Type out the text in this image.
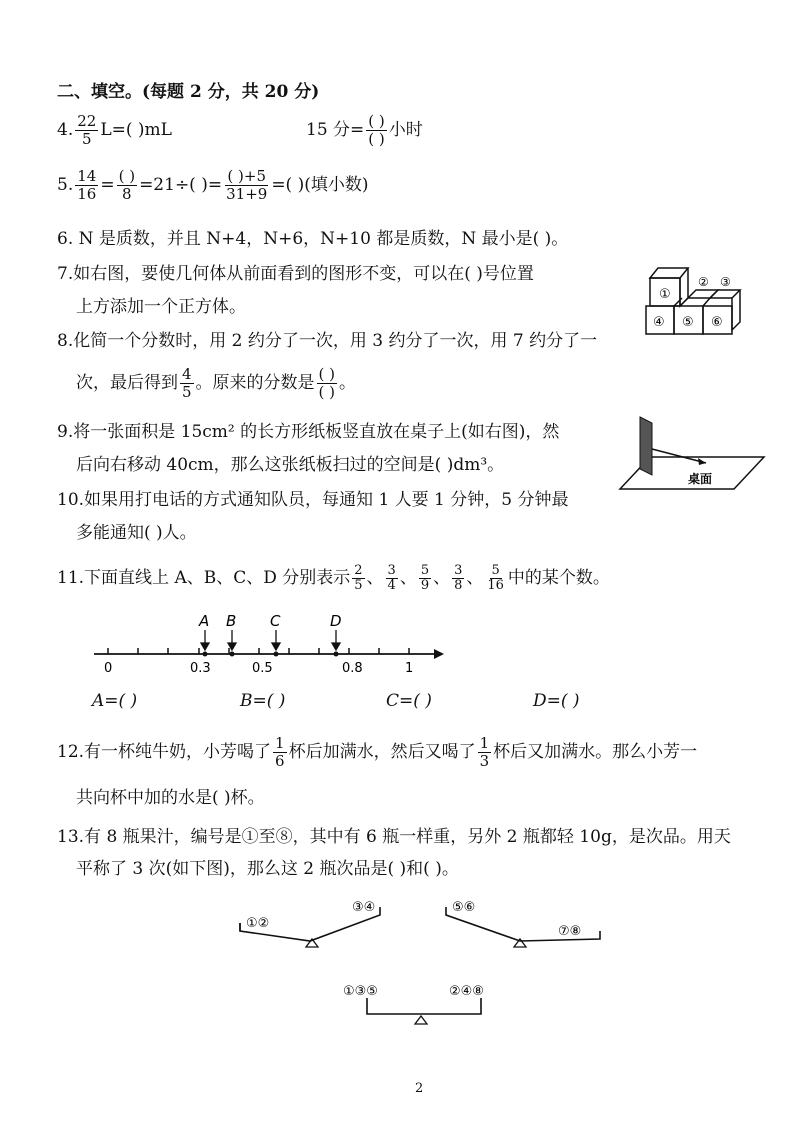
二、填空。(每题 2 分，共 20 分)
4. $\frac{22}{5} L=$( )mL	15 分= $\frac{( )}{( )}$ 小时
5. $\frac{14}{16} = \frac{( )}{8} =21\div$( )= $\frac{( )+5}{31+9}$ =( )(填小数)
6. N 是质数，并且 N+4，N+6，N+10 都是质数，N 最小是( )。
7.如右图，要使几何体从前面看到的图形不变，可以在( )号位置
上方添加一个正方体。
①
② ③
④ ⑤ ⑥
8.化简一个分数时，用 2 约分了一次，用 3 约分了一次，用 7 约分了一
次，最后得到 $\frac{4}{5}$ 。原来的分数是 $\frac{( )}{( )}$ 。
9.将一张面积是 15cm² 的长方形纸板竖直放在桌子上(如右图)，然
后向右移动 40cm，那么这张纸板扫过的空间是( )dm³。
桌面
10.如果用打电话的方式通知队员，每通知 1 人要 1 分钟，5 分钟最
多能通知( )人。
11.下面直线上 A、B、C、D 分别表示 $\frac{2}{5}$ 、 $\frac{3}{4}$ 、 $\frac{5}{9}$ 、 $\frac{3}{8}$ 、 $\frac{5}{16}$ 中的某个数。
A B C	D
0	0.3	0.5	0.8	1
A=( )	B=( )	C=( )	D=( )
12.有一杯纯牛奶，小芳喝了 $\frac{1}{6}$ 杯后加满水，然后又喝了 $\frac{1}{3}$ 杯后又加满水。那么小芳一
共向杯中加的水是( )杯。
13.有 8 瓶果汁，编号是①至⑧，其中有 6 瓶一样重，另外 2 瓶都轻 10g，是次品。用天
平称了 3 次(如下图)，那么这 2 瓶次品是( )和( )。
①②
③④	⑤⑥
⑦⑧
①③⑤	②④⑧
2
